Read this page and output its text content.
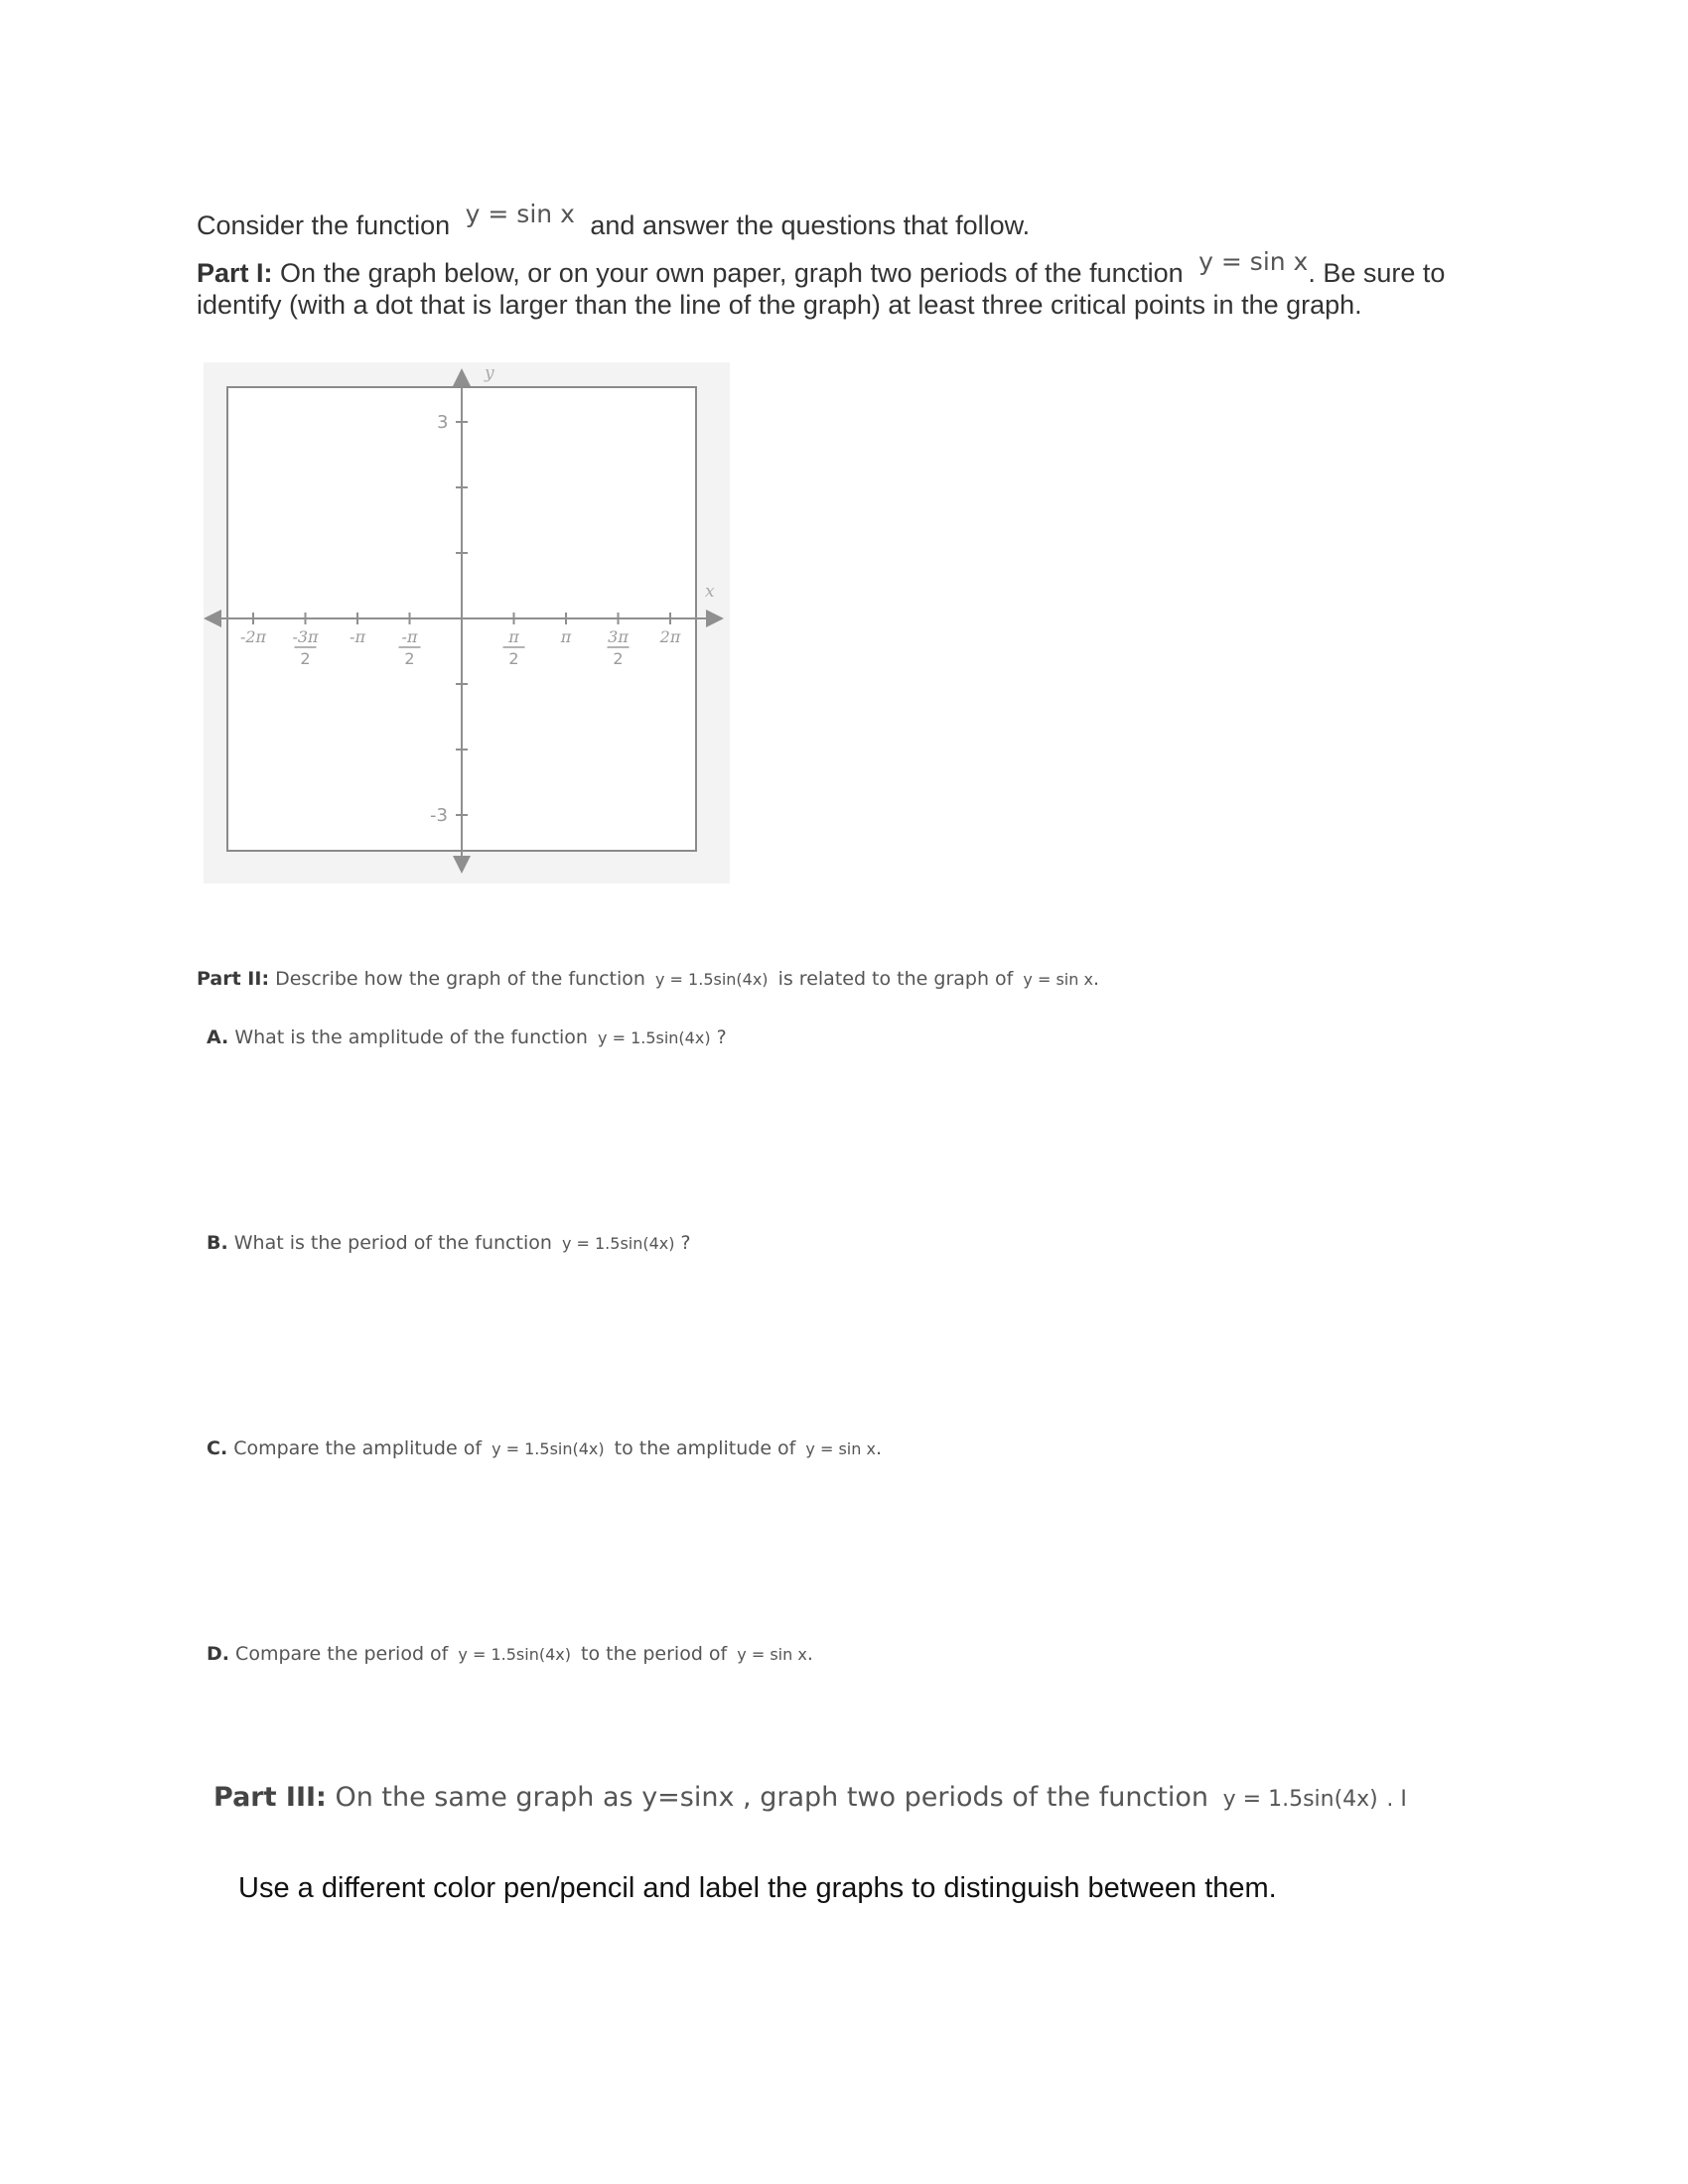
Consider the function y = sin x and answer the questions that follow.
Part I: On the graph below, or on your own paper, graph two periods of the function y = sin x. Be sure to
identify (with a dot that is larger than the line of the graph) at least three critical points in the graph.
-2π -3π
2
-π -π
2
π
2
π 3π
2
2π
y
x
3
-3
Part II: Describe how the graph of the function y = 1.5sin(4x) is related to the graph of y = sin x.
A. What is the amplitude of the function y = 1.5sin(4x) ?
B. What is the period of the function y = 1.5sin(4x) ?
C. Compare the amplitude of y = 1.5sin(4x) to the amplitude of y = sin x.
D. Compare the period of y = 1.5sin(4x) to the period of y = sin x.
Part III: On the same graph as y=sinx , graph two periods of the function y = 1.5sin(4x) . I
Use a different color pen/pencil and label the graphs to distinguish between them.
